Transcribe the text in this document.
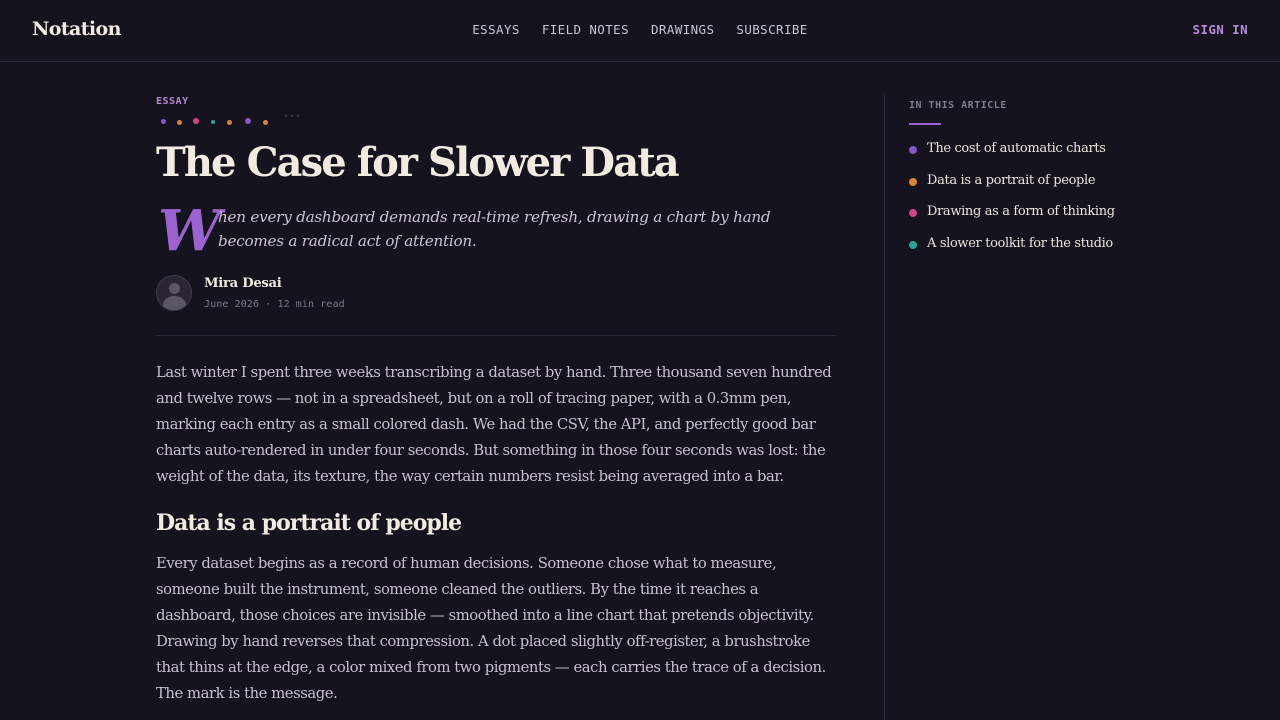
Notation	ESSAYS FIELD NOTES DRAWINGS SUBSCRIBE	SIGN IN
ESSAY
···
The Case for Slower Data
W
hen every dashboard demands real-time refresh, drawing a chart by hand becomes a radical act of attention.
Mira Desai
June 2026 · 12 min read

Last winter I spent three weeks transcribing a dataset by hand. Three thousand seven hundred and twelve rows — not in a spreadsheet, but on a roll of tracing paper, with a 0.3mm pen, marking each entry as a small colored dash. We had the CSV, the API, and perfectly good bar charts auto-rendered in under four seconds. But something in those four seconds was lost: the weight of the data, its texture, the way certain numbers resist being averaged into a bar.

Data is a portrait of people

Every dataset begins as a record of human decisions. Someone chose what to measure, someone built the instrument, someone cleaned the outliers. By the time it reaches a dashboard, those choices are invisible — smoothed into a line chart that pretends objectivity. Drawing by hand reverses that compression. A dot placed slightly off-register, a brushstroke that thins at the edge, a color mixed from two pigments — each carries the trace of a decision. The mark is the message.

IN THIS ARTICLE
The cost of automatic charts
Data is a portrait of people
Drawing as a form of thinking
A slower toolkit for the studio
